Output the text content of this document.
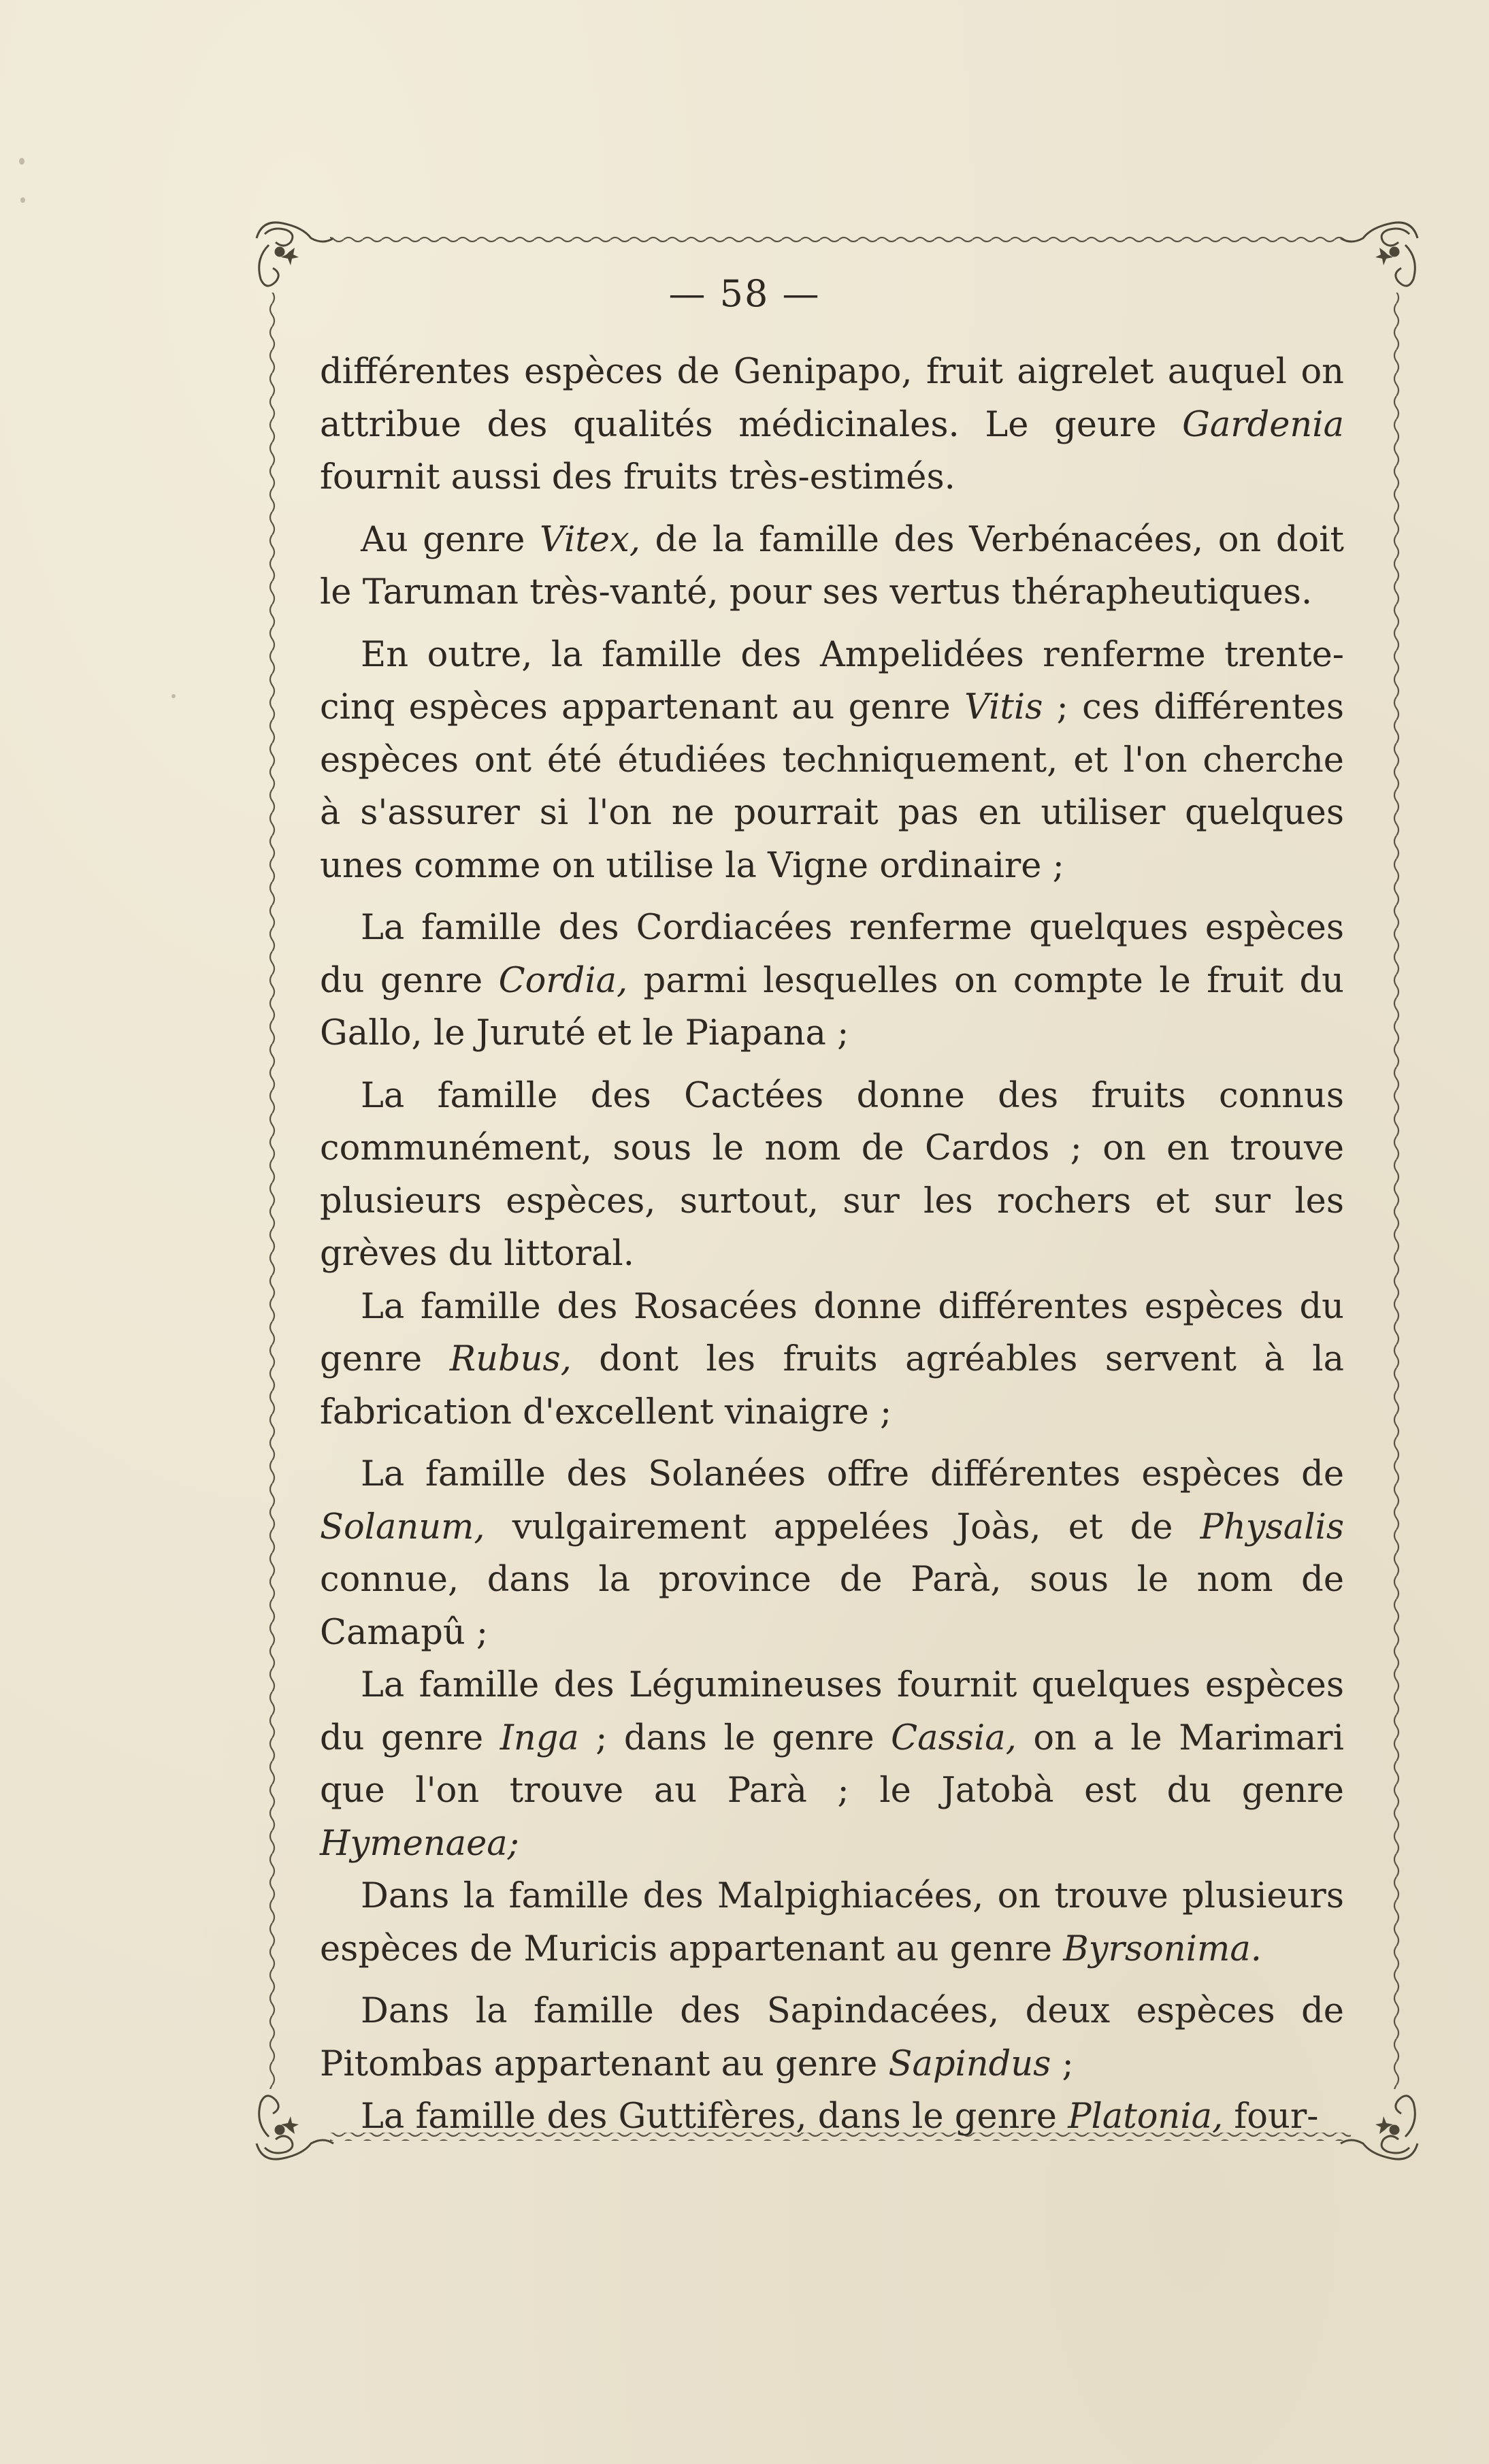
— 58 —

différentes espèces de Genipapo, fruit aigrelet auquel on attribue des qualités médicinales. Le geure Gardenia fournit aussi des fruits très-estimés.

Au genre Vitex, de la famille des Verbénacées, on doit le Taruman très-vanté, pour ses vertus thérapheutiques.

En outre, la famille des Ampelidées renferme trente-cinq espèces appartenant au genre Vitis ; ces différentes espèces ont été étudiées techniquement, et l'on cherche à s'assurer si l'on ne pourrait pas en utiliser quelques unes comme on utilise la Vigne ordinaire ;

La famille des Cordiacées renferme quelques espèces du genre Cordia, parmi lesquelles on compte le fruit du Gallo, le Juruté et le Piapana ;

La famille des Cactées donne des fruits connus communément, sous le nom de Cardos ; on en trouve plusieurs espèces, surtout, sur les rochers et sur les grèves du littoral.

La famille des Rosacées donne différentes espèces du genre Rubus, dont les fruits agréables servent à la fabrication d'excellent vinaigre ;

La famille des Solanées offre différentes espèces de Solanum, vulgairement appelées Joàs, et de Physalis connue, dans la province de Parà, sous le nom de Camapû ;

La famille des Légumineuses fournit quelques espèces du genre Inga ; dans le genre Cassia, on a le Marimari que l'on trouve au Parà ; le Jatobà est du genre Hymenaea;

Dans la famille des Malpighiacées, on trouve plusieurs espèces de Muricis appartenant au genre Byrsonima.

Dans la famille des Sapindacées, deux espèces de Pitombas appartenant au genre Sapindus ;

La famille des Guttifères, dans le genre Platonia, four-
